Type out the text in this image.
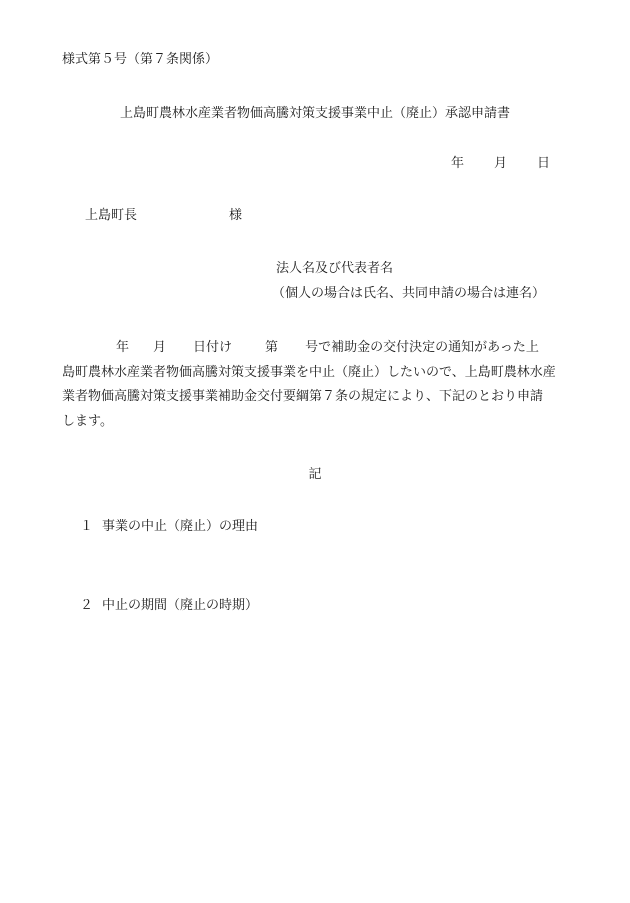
様式第５号（第７条関係）
上島町農林水産業者物価高騰対策支援事業中止（廃止）承認申請書
年 月 日
上島町長	様
法人名及び代表者名
（個人の場合は氏名、共同申請の場合は連名）
年 月 日付け	第 号で補助金の交付決定の通知があった上
島町農林水産業者物価高騰対策支援事業を中止（廃止）したいので、上島町農林水産
業者物価高騰対策支援事業補助金交付要綱第７条の規定により、下記のとおり申請
します。
記
１ 事業の中止（廃止）の理由
２ 中止の期間（廃止の時期）
